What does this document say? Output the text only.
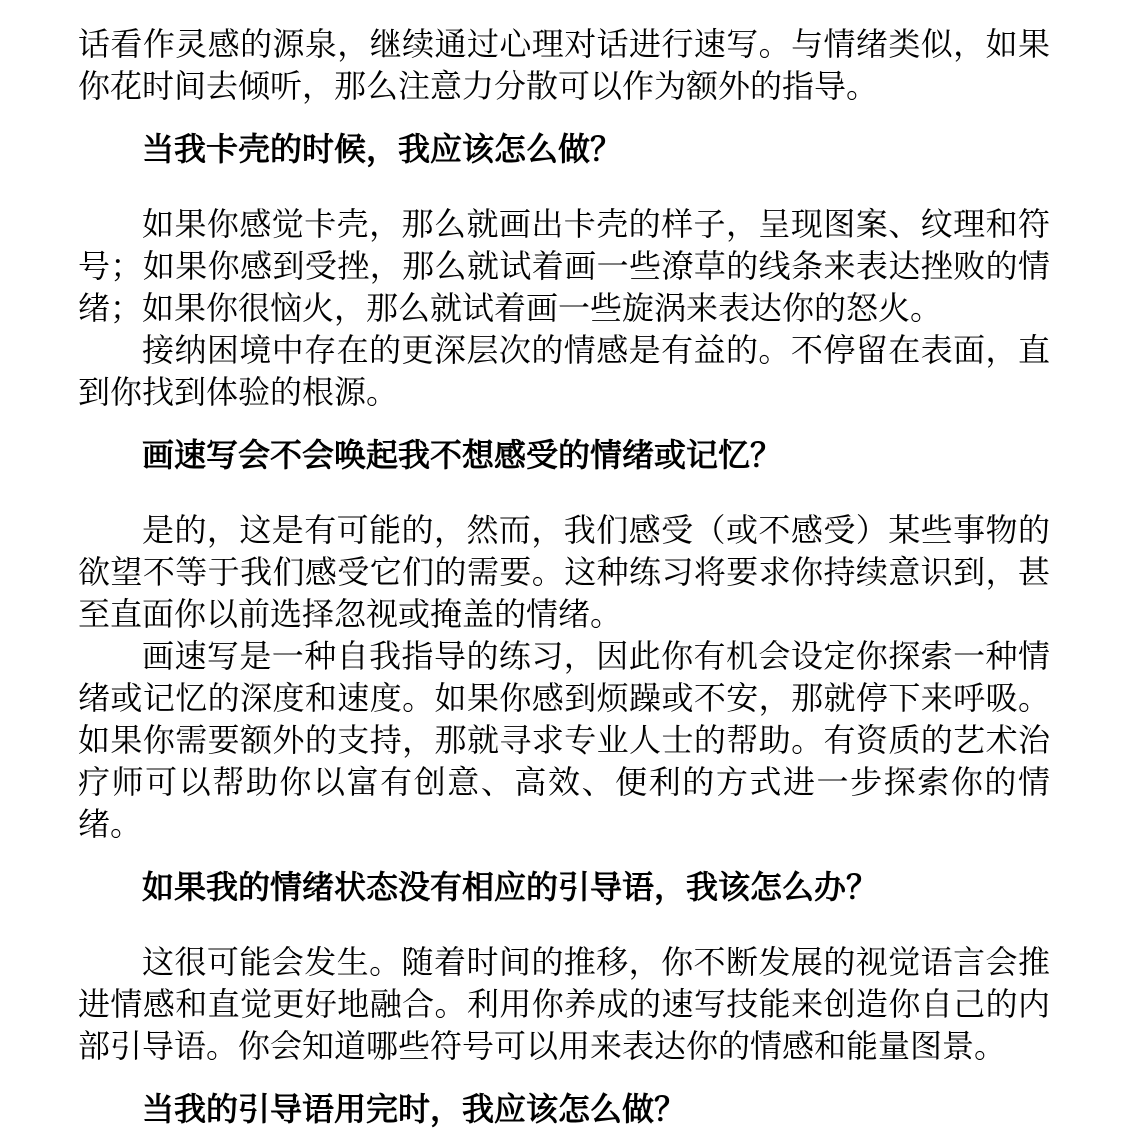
话看作灵感的源泉，继续通过心理对话进行速写。与情绪类似，如果你花时间去倾听，那么注意力分散可以作为额外的指导。

当我卡壳的时候，我应该怎么做？

如果你感觉卡壳，那么就画出卡壳的样子，呈现图案、纹理和符号；如果你感到受挫，那么就试着画一些潦草的线条来表达挫败的情绪；如果你很恼火，那么就试着画一些旋涡来表达你的怒火。

接纳困境中存在的更深层次的情感是有益的。不停留在表面，直到你找到体验的根源。

画速写会不会唤起我不想感受的情绪或记忆？

是的，这是有可能的，然而，我们感受（或不感受）某些事物的欲望不等于我们感受它们的需要。这种练习将要求你持续意识到，甚至直面你以前选择忽视或掩盖的情绪。

画速写是一种自我指导的练习，因此你有机会设定你探索一种情绪或记忆的深度和速度。如果你感到烦躁或不安，那就停下来呼吸。如果你需要额外的支持，那就寻求专业人士的帮助。有资质的艺术治疗师可以帮助你以富有创意、高效、便利的方式进一步探索你的情绪。

如果我的情绪状态没有相应的引导语，我该怎么办？

这很可能会发生。随着时间的推移，你不断发展的视觉语言会推进情感和直觉更好地融合。利用你养成的速写技能来创造你自己的内部引导语。你会知道哪些符号可以用来表达你的情感和能量图景。

当我的引导语用完时，我应该怎么做？
